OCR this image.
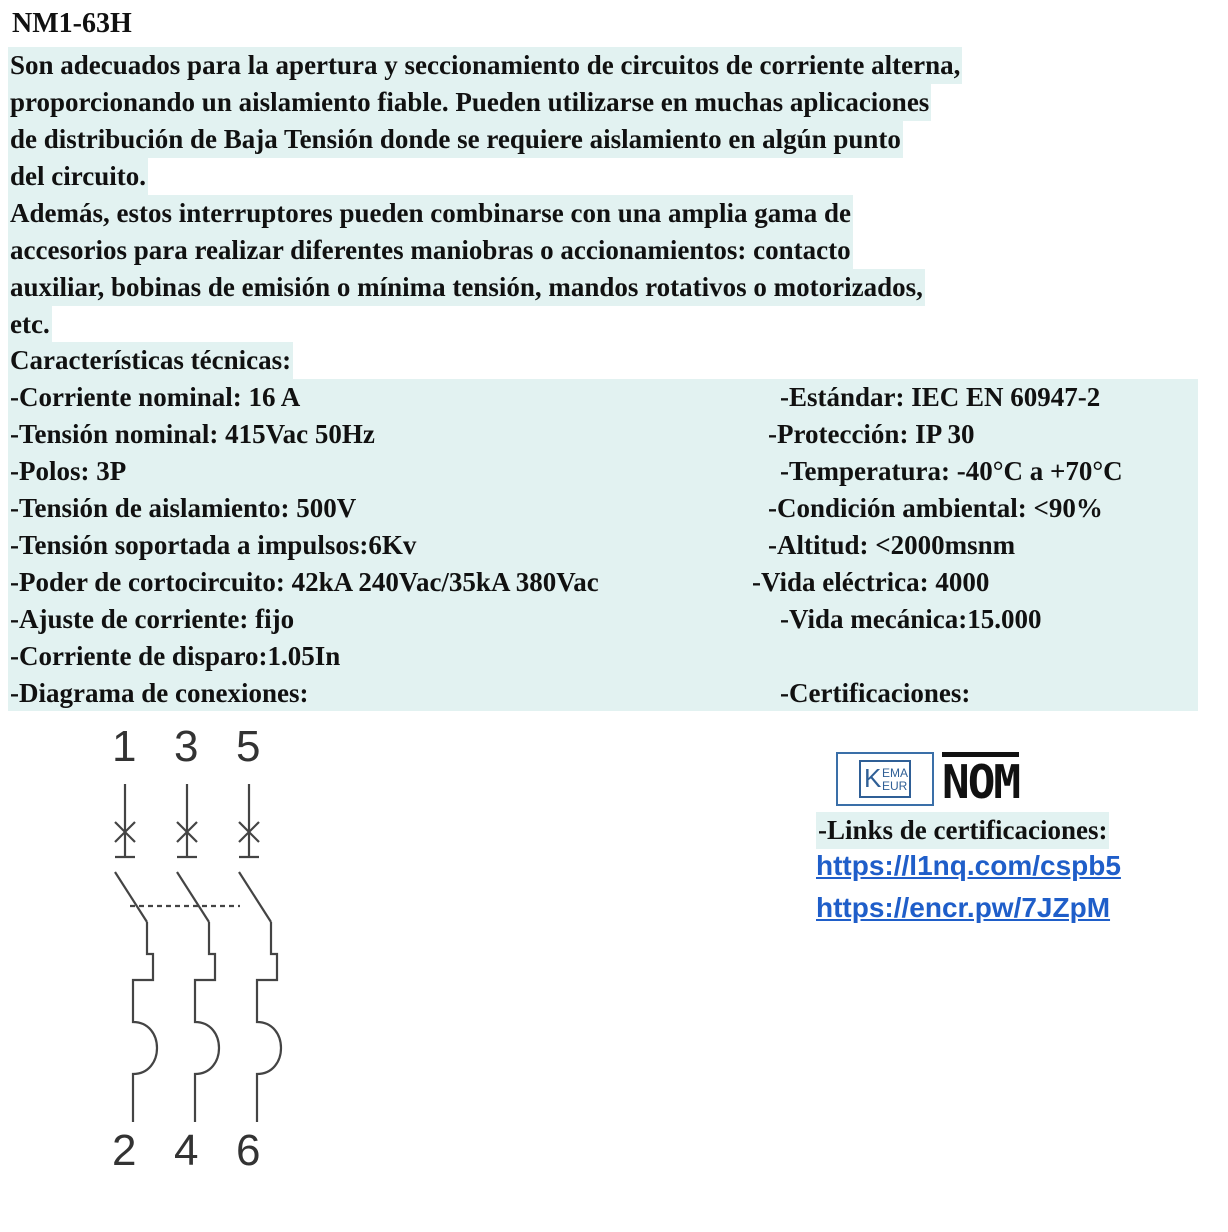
NM1-63H
Son adecuados para la apertura y seccionamiento de circuitos de corriente alterna,
proporcionando un aislamiento fiable. Pueden utilizarse en muchas aplicaciones
de distribución de Baja Tensión donde se requiere aislamiento en algún punto
del circuito.
Además, estos interruptores pueden combinarse con una amplia gama de
accesorios para realizar diferentes maniobras o accionamientos: contacto
auxiliar, bobinas de emisión o mínima tensión, mandos rotativos o motorizados,
etc.
Características técnicas:
-Corriente nominal: 16 A
-Tensión nominal: 415Vac 50Hz
-Polos: 3P
-Tensión de aislamiento: 500V
-Tensión soportada a impulsos:6Kv
-Poder de cortocircuito: 42kA 240Vac/35kA 380Vac
-Ajuste de corriente: fijo
-Corriente de disparo:1.05In
-Diagrama de conexiones:
-Estándar: IEC EN 60947-2
-Protección: IP 30
-Temperatura: -40°C a +70°C
-Condición ambiental: <90%
-Altitud: <2000msnm
-Vida eléctrica: 4000
-Vida mecánica:15.000
-Certificaciones:
1 3 5
2 4 6
K EMA
EUR NOM
-Links de certificaciones:
https://l1nq.com/cspb5
https://encr.pw/7JZpM
